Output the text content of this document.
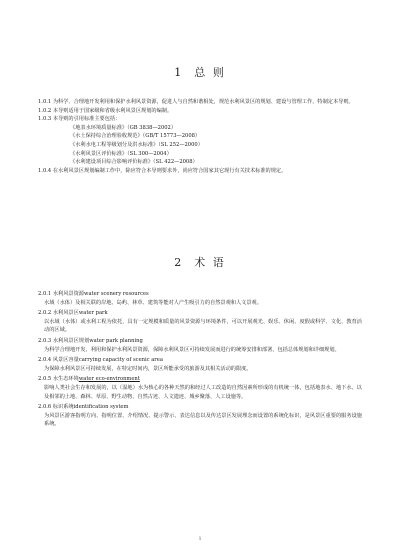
1 总 则

1.0.1 为科学、合理地开发利用和保护水利风景资源，促进人与自然和谐相处，规范水利风景区的规划、建设与管理工作，特制定本导则。

1.0.2 本导则适用于国家级和省级水利风景区规划的编制。

1.0.3 本导则的引用标准主要包括：

《地表水环境质量标准》（GB 3838—2002）

《水土保持综合治理验收规范》（GB/T 15773—2008）

《水利水电工程等级划分及洪水标准》（SL 252—2000）

《水利风景区评价标准》（SL 300—2004）

《水利建设项目综合影响评价标准》（SL 422—2008）

1.0.4 在水利风景区规划编制工作中，除应符合本导则要求外，尚应符合国家其它现行有关技术标准的规定。

2 术 语

2.0.1 水利风景资源water scenery resources

水域（水体）及相关联的岸地、岛屿、林草、建筑等能对人产生吸引力的自然景观和人文景观。

2.0.2 水利风景区water park

以水域（水体）或水利工程为依托，具有一定规模和质量的风景资源与环境条件，可以开展观光、娱乐、休闲、度假或科学、文化、教育活动的区域。

2.0.3 水利风景区规划water park planning

为科学合理地开发、利用和保护水利风景资源，保障水利风景区可持续发展而进行的统筹安排和部署，包括总体规划和详细规划。

2.0.4 风景区容量carrying capacity of scenic area

为保障水利风景区可持续发展，在特定时间内，景区所能承受的旅游及其相关活动的限度。

2.0.5 水生态环境water eco-environment

影响人类社会生存和发展的，以（湿地）水为核心的各种天然的和经过人工改造的自然因素所形成的有机统一体，包括地表水、地下水、以及相邻的土地、森林、草原、野生动物、自然古迹、人文遗迹、城乡聚落、人工设施等。

2.0.6 标识系统identification system

为风景区游客指明方向、指明位置、介绍情况、提示警示、表达信息以及传达景区发展理念而设置的系统化标识，是风景区重要的服务设施系统。

1
